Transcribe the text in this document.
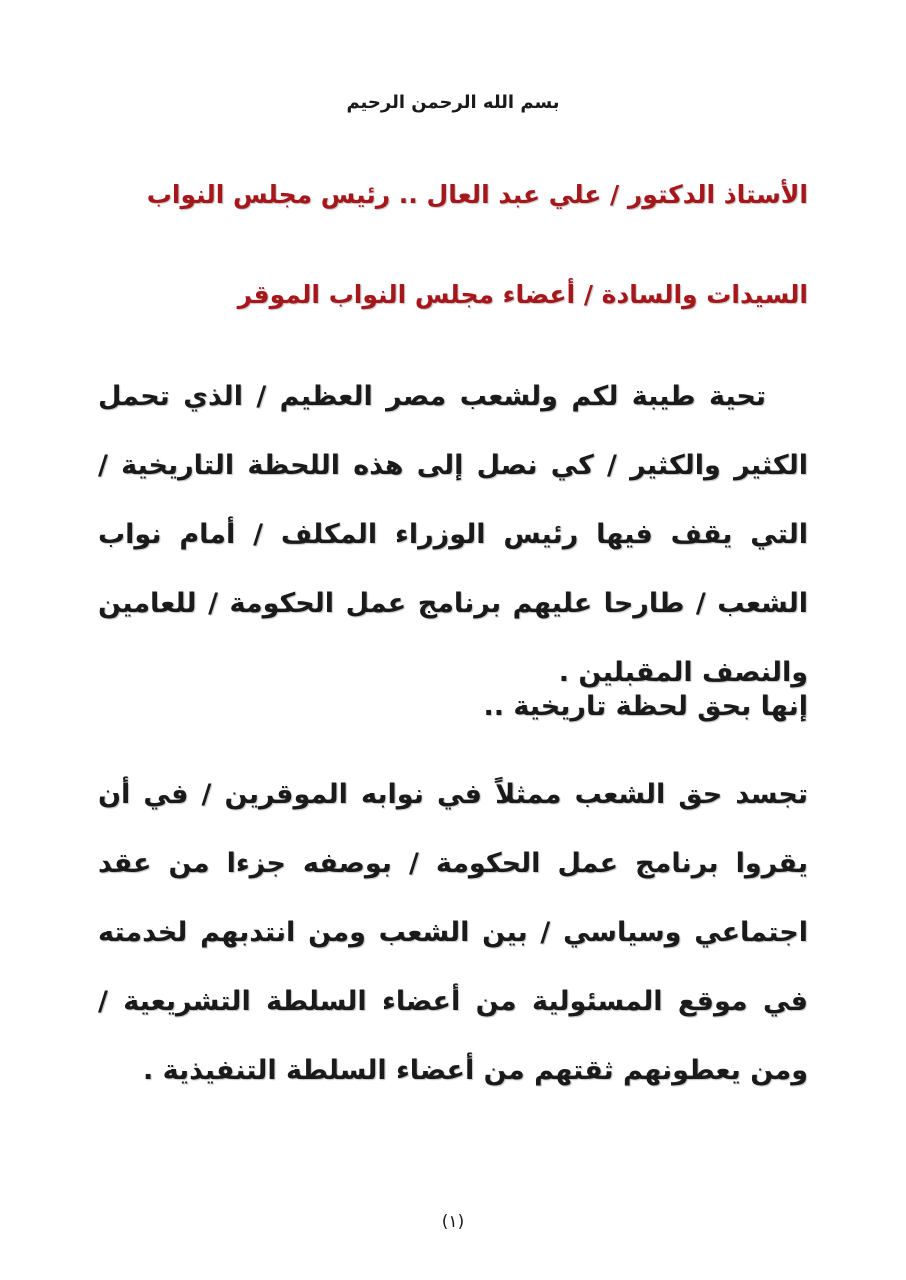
بسم الله الرحمن الرحيم
الأستاذ الدكتور / علي عبد العال .. رئيس مجلس النواب
السيدات والسادة / أعضاء مجلس النواب الموقر

تحية طيبة لكم ولشعب مصر العظيم / الذي تحمل الكثير والكثير / كي نصل إلى هذه اللحظة التاريخية / التي يقف فيها رئيس الوزراء المكلف / أمام نواب الشعب / طارحا عليهم برنامج عمل الحكومة / للعامين والنصف المقبلين .

إنها بحق لحظة تاريخية ..

تجسد حق الشعب ممثلاً في نوابه الموقرين / في أن يقروا برنامج عمل الحكومة / بوصفه جزءا من عقد اجتماعي وسياسي / بين الشعب ومن انتدبهم لخدمته في موقع المسئولية من أعضاء السلطة التشريعية / ومن يعطونهم ثقتهم من أعضاء السلطة التنفيذية .

(١)
